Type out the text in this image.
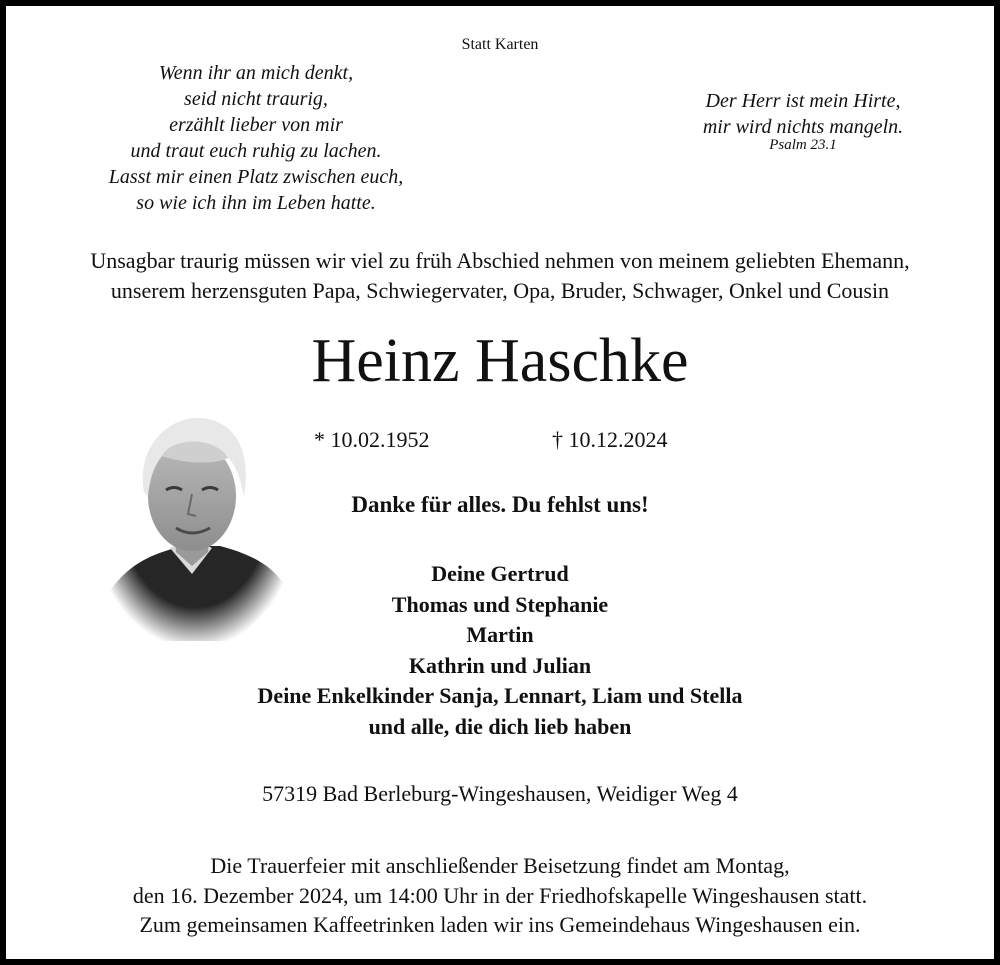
Statt Karten
Wenn ihr an mich denkt,
seid nicht traurig,
erzählt lieber von mir
und traut euch ruhig zu lachen.
Lasst mir einen Platz zwischen euch,
so wie ich ihn im Leben hatte.
Der Herr ist mein Hirte,
mir wird nichts mangeln.
Psalm 23.1
Unsagbar traurig müssen wir viel zu früh Abschied nehmen von meinem geliebten Ehemann,
unserem herzensguten Papa, Schwiegervater, Opa, Bruder, Schwager, Onkel und Cousin
Heinz Haschke
* 10.02.1952	† 10.12.2024
Danke für alles. Du fehlst uns!
Deine Gertrud
Thomas und Stephanie
Martin
Kathrin und Julian
Deine Enkelkinder Sanja, Lennart, Liam und Stella
und alle, die dich lieb haben
57319 Bad Berleburg-Wingeshausen, Weidiger Weg 4
Die Trauerfeier mit anschließender Beisetzung findet am Montag,
den 16. Dezember 2024, um 14:00 Uhr in der Friedhofskapelle Wingeshausen statt.
Zum gemeinsamen Kaffeetrinken laden wir ins Gemeindehaus Wingeshausen ein.
